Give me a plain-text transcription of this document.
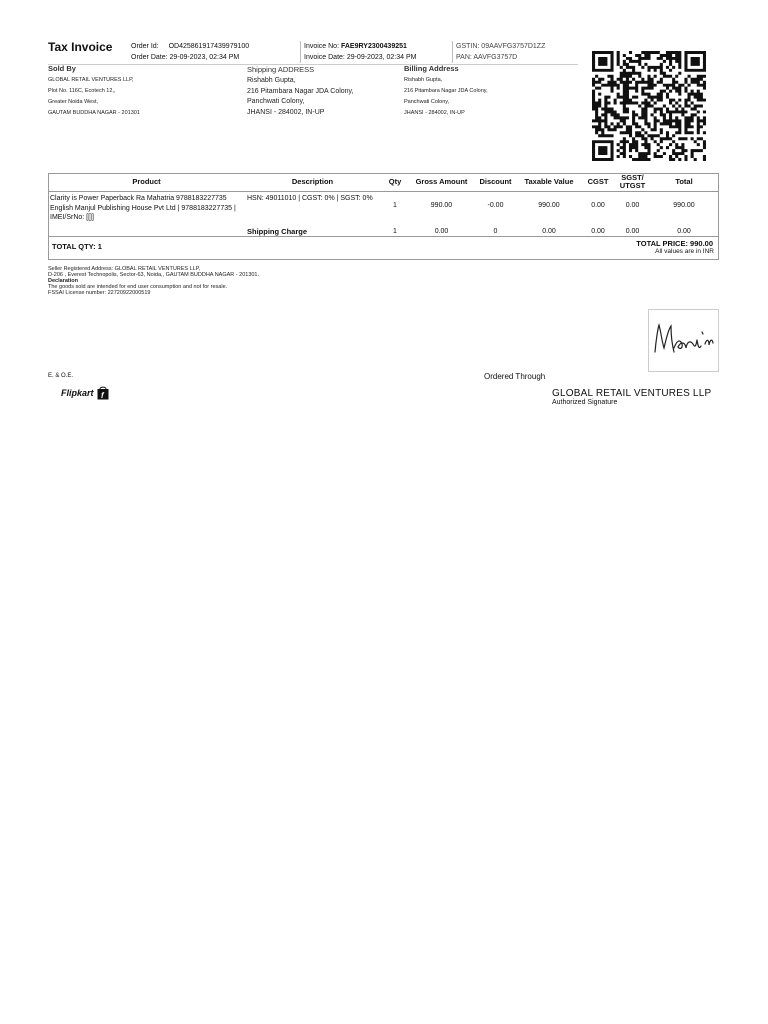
Tax Invoice	Order Id: OD425861917439979100
Order Date: 29-09-2023, 02:34 PM
Invoice No: FAE9RY2300439251
Invoice Date: 29-09-2023, 02:34 PM
GSTIN: 09AAVFG3757D1ZZ
PAN: AAVFG3757D
Sold By
GLOBAL RETAIL VENTURES LLP,
Plot No. 116C, Ecotech 12,,
Greater Noida West,
GAUTAM BUDDHA NAGAR - 201301
Shipping ADDRESS
Rishabh Gupta,
216 Pitambara Nagar JDA Colony,
Panchwati Colony,
JHANSI - 284002, IN-UP
Billing Address
Rishabh Gupta,
216 Pitambara Nagar JDA Colony,
Panchwati Colony,
JHANSI - 284002, IN-UP
Product	Description	Qty	Gross Amount	Discount	Taxable Value	CGST	SGST/ UTGST	Total
Clarity is Power Paperback Ra Mahatria 9788183227735 English Manjul Publishing House Pvt Ltd | 9788183227735 | IMEI/SrNo: [[]]	HSN: 49011010 | CGST: 0% | SGST: 0%	1	990.00	-0.00	990.00	0.00	0.00	990.00
	Shipping Charge	1	0.00	0	0.00	0.00	0.00	0.00
TOTAL QTY: 1	TOTAL PRICE: 990.00
All values are in INR
Seller Registered Address: GLOBAL RETAIL VENTURES LLP,
D-206 , Everest Technopolis, Sector-63, Noida,, GAUTAM BUDDHA NAGAR - 201301.
Declaration
The goods sold are intended for end user consumption and not for resale.
FSSAI License number: 22720922000519
E. & O.E.	Ordered Through
Flipkart f	GLOBAL RETAIL VENTURES LLP
Authorized Signature
